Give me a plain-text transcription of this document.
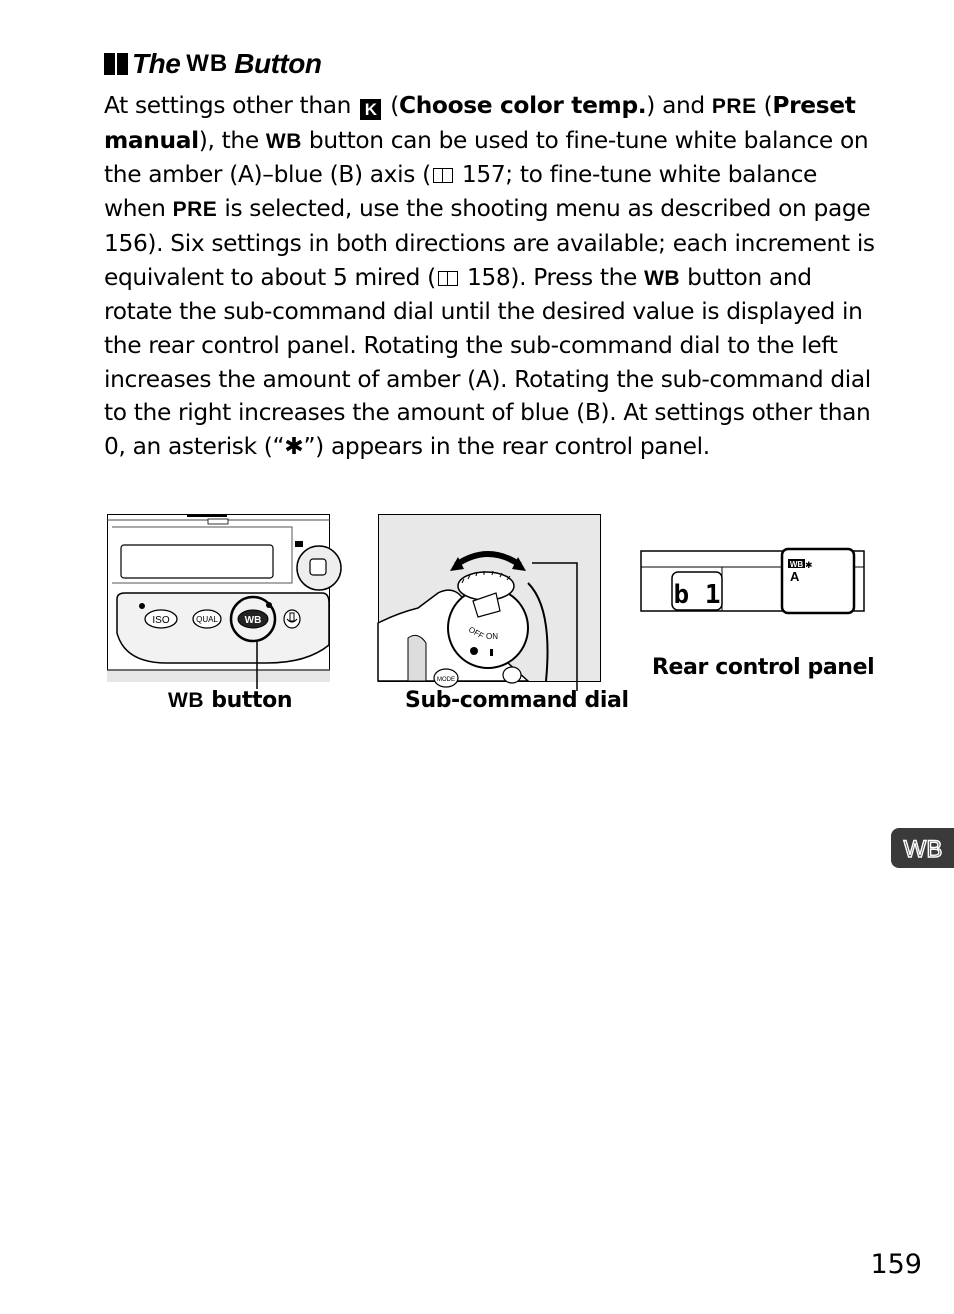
The WB Button
At settings other than K (Choose color temp.) and PRE (Preset manual), the WB button can be used to fine-tune white balance on the amber (A)–blue (B) axis ( 157; to fine-tune white balance when PRE is selected, use the shooting menu as described on page 156). Six settings in both directions are available; each increment is equivalent to about 5 mired ( 158). Press the WB button and rotate the sub-command dial until the desired value is displayed in the rear control panel. Rotating the sub-command dial to the left increases the amount of amber (A). Rotating the sub-command dial to the right increases the amount of blue (B). At settings other than 0, an asterisk (“✱”) appears in the rear control panel.
ISO	QUAL	WB
WB button
OFF ON
MODE
Sub-command dial
b 1
WB ✱
A
Rear control panel
WB
159
